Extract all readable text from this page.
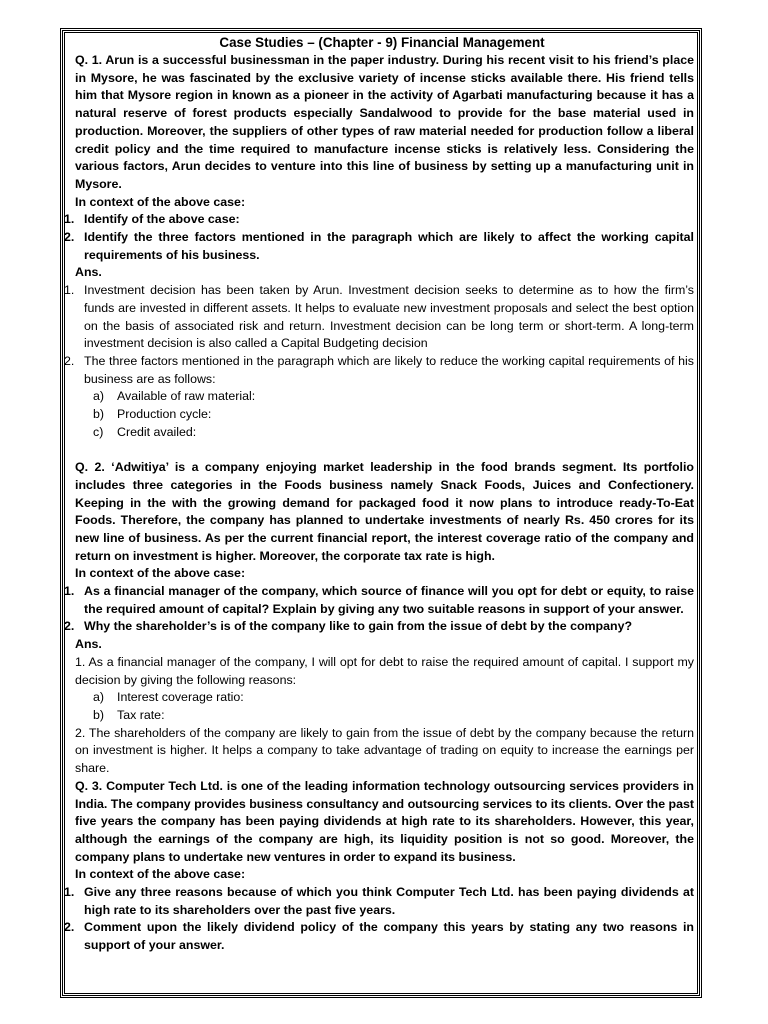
Case Studies – (Chapter - 9) Financial Management

Q. 1. Arun is a successful businessman in the paper industry. During his recent visit to his friend’s place in Mysore, he was fascinated by the exclusive variety of incense sticks available there. His friend tells him that Mysore region in known as a pioneer in the activity of Agarbati manufacturing because it has a natural reserve of forest products especially Sandalwood to provide for the base material used in production. Moreover, the suppliers of other types of raw material needed for production follow a liberal credit policy and the time required to manufacture incense sticks is relatively less. Considering the various factors, Arun decides to venture into this line of business by setting up a manufacturing unit in Mysore.

In context of the above case:

1. Identify of the above case:
2. Identify the three factors mentioned in the paragraph which are likely to affect the working capital requirements of his business.

Ans.

1. Investment decision has been taken by Arun. Investment decision seeks to determine as to how the firm’s funds are invested in different assets. It helps to evaluate new investment proposals and select the best option on the basis of associated risk and return. Investment decision can be long term or short-term. A long-term investment decision is also called a Capital Budgeting decision
2. The three factors mentioned in the paragraph which are likely to reduce the working capital requirements of his business are as follows:
a)	Available of raw material:
b)	Production cycle:
c)	Credit availed:

Q. 2. ‘Adwitiya’ is a company enjoying market leadership in the food brands segment. Its portfolio includes three categories in the Foods business namely Snack Foods, Juices and Confectionery. Keeping in the with the growing demand for packaged food it now plans to introduce ready-To-Eat Foods. Therefore, the company has planned to undertake investments of nearly Rs. 450 crores for its new line of business. As per the current financial report, the interest coverage ratio of the company and return on investment is higher. Moreover, the corporate tax rate is high.

In context of the above case:

1. As a financial manager of the company, which source of finance will you opt for debt or equity, to raise the required amount of capital? Explain by giving any two suitable reasons in support of your answer.
2. Why the shareholder’s is of the company like to gain from the issue of debt by the company?

Ans.

1. As a financial manager of the company, I will opt for debt to raise the required amount of capital. I support my decision by giving the following reasons:

a)	Interest coverage ratio:
b)	Tax rate:

2. The shareholders of the company are likely to gain from the issue of debt by the company because the return on investment is higher. It helps a company to take advantage of trading on equity to increase the earnings per share.

Q. 3. Computer Tech Ltd. is one of the leading information technology outsourcing services providers in India. The company provides business consultancy and outsourcing services to its clients. Over the past five years the company has been paying dividends at high rate to its shareholders. However, this year, although the earnings of the company are high, its liquidity position is not so good. Moreover, the company plans to undertake new ventures in order to expand its business.

In context of the above case:

1. Give any three reasons because of which you think Computer Tech Ltd. has been paying dividends at high rate to its shareholders over the past five years.
2. Comment upon the likely dividend policy of the company this years by stating any two reasons in support of your answer.
